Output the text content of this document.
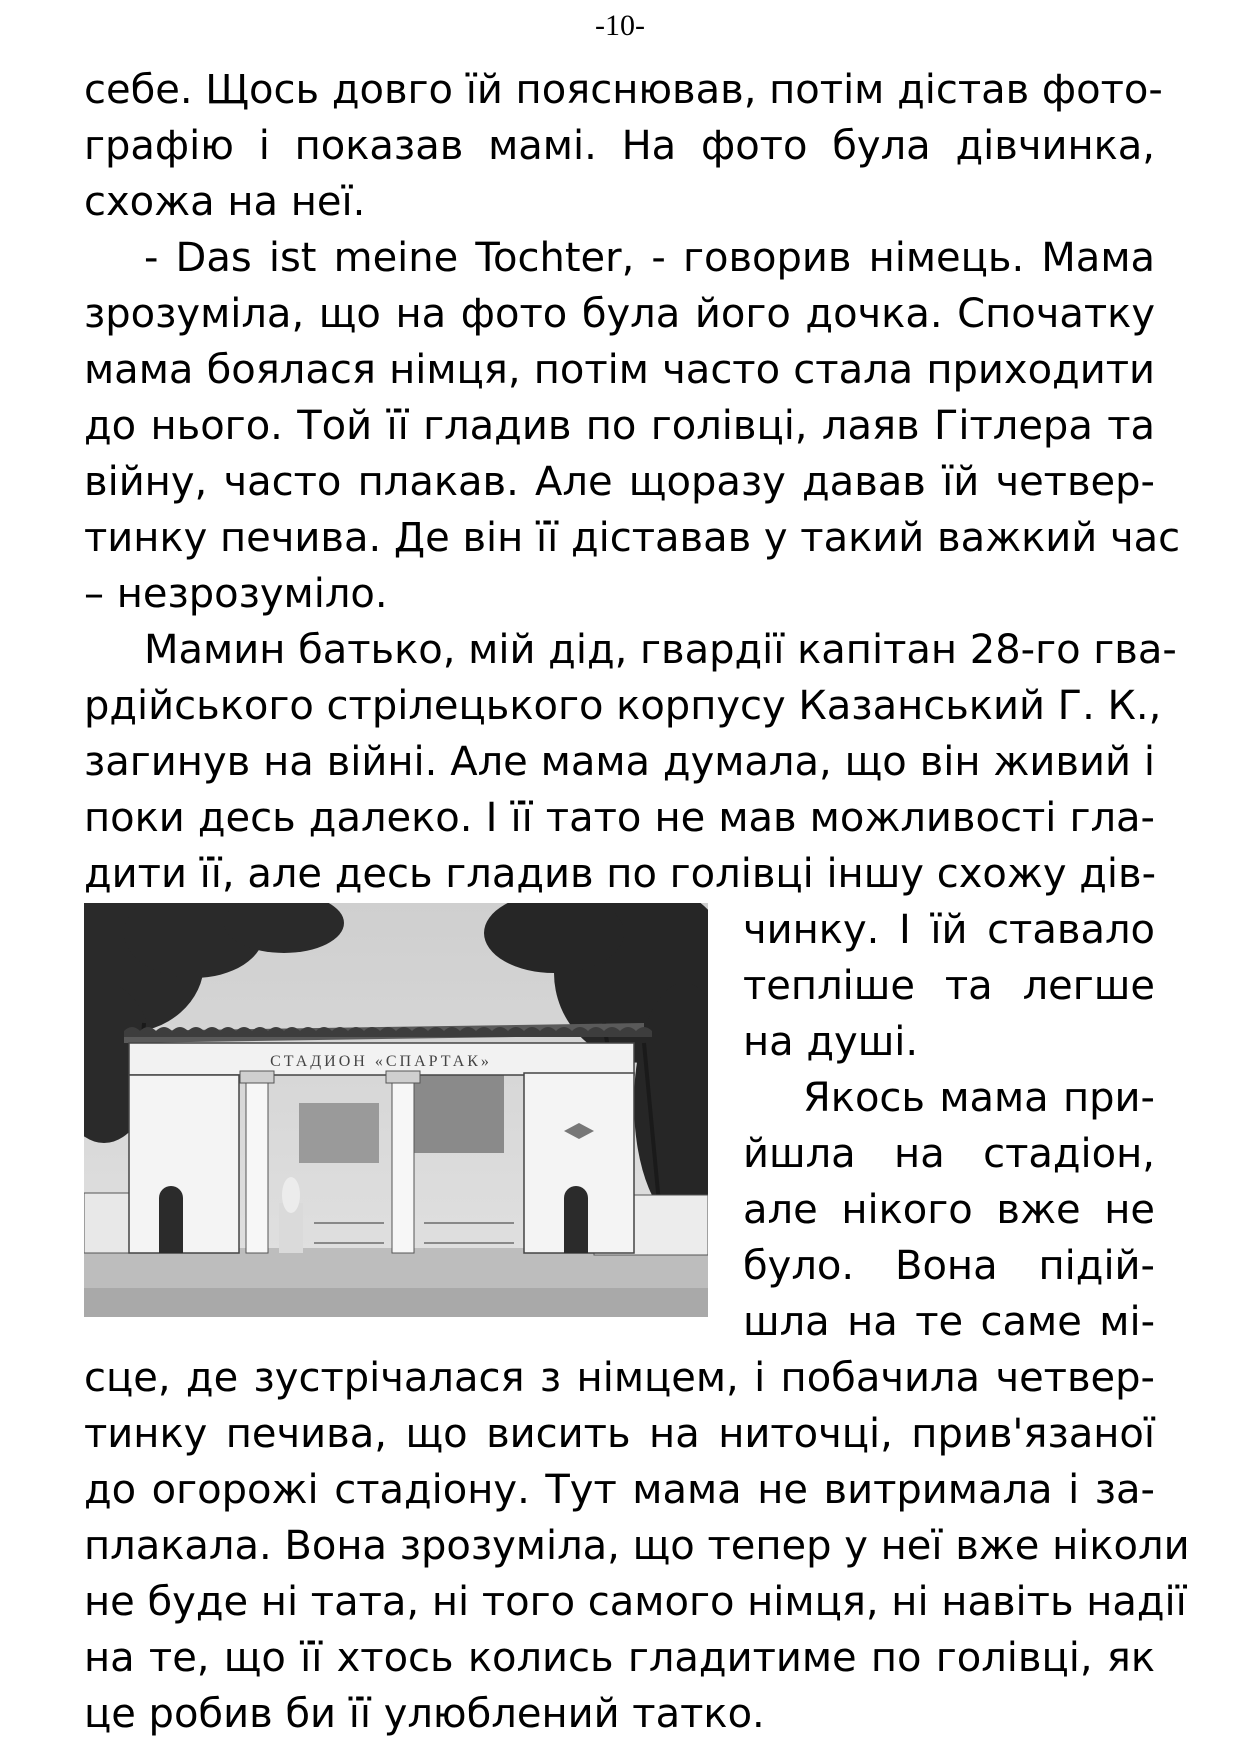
-10-
себе. Щось довго їй пояснював, потім дістав фото-
графію і показав мамі. На фото була дівчинка,
схожа на неї.
- Das ist meine Tochter, - говорив німець. Мама
зрозуміла, що на фото була його дочка. Спочатку
мама боялася німця, потім часто стала приходити
до нього. Той її гладив по голівці, лаяв Гітлера та
війну, часто плакав. Але щоразу давав їй четвер-
тинку печива. Де він її діставав у такий важкий час
– незрозуміло.
Мамин батько, мій дід, гвардії капітан 28-го гва-
рдійського стрілецького корпусу Казанський Г. К.,
загинув на війні. Але мама думала, що він живий і
поки десь далеко. І її тато не мав можливості гла-
дити її, але десь гладив по голівці іншу схожу дів-
СТАДИОН «СПАРТАК»
чинку. І їй ставало
тепліше та легше
на душі.
Якось мама при-
йшла на стадіон,
але нікого вже не
було. Вона підій-
шла на те саме мі-
сце, де зустрічалася з німцем, і побачила четвер-
тинку печива, що висить на ниточці, прив'язаної
до огорожі стадіону. Тут мама не витримала і за-
плакала. Вона зрозуміла, що тепер у неї вже ніколи
не буде ні тата, ні того самого німця, ні навіть надії
на те, що її хтось колись гладитиме по голівці, як
це робив би її улюблений татко.
